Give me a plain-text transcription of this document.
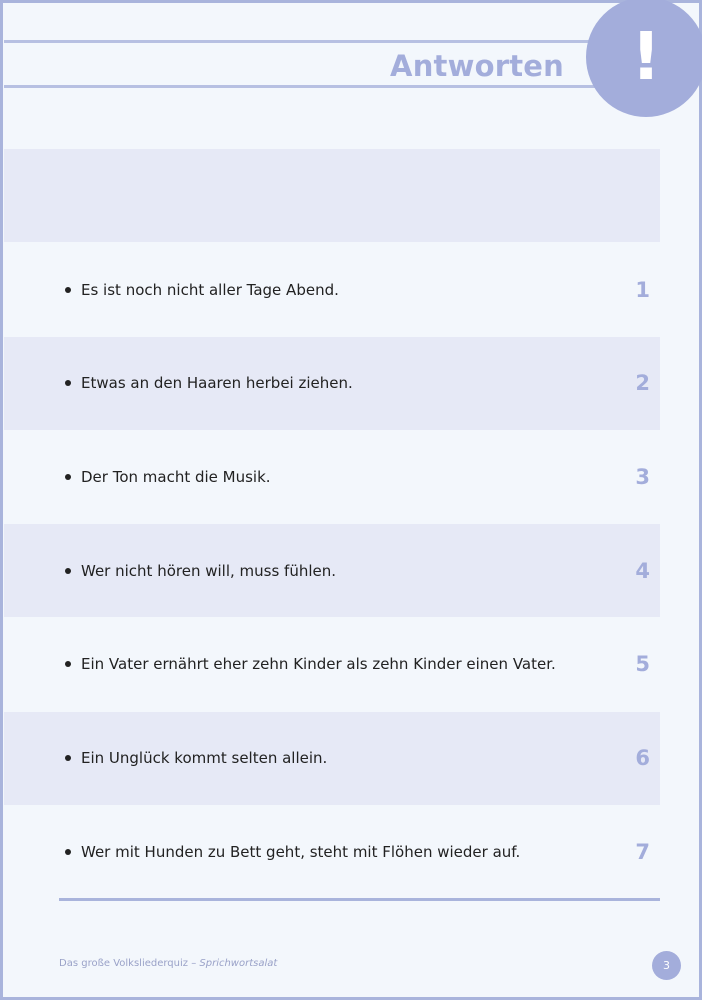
Antworten	!
Es ist noch nicht aller Tage Abend.	1
Etwas an den Haaren herbei ziehen.	2
Der Ton macht die Musik.	3
Wer nicht hören will, muss fühlen.	4
Ein Vater ernährt eher zehn Kinder als zehn Kinder einen Vater.	5
Ein Unglück kommt selten allein.	6
Wer mit Hunden zu Bett geht, steht mit Flöhen wieder auf.	7
Das große Volksliederquiz – Sprichwortsalat	3
